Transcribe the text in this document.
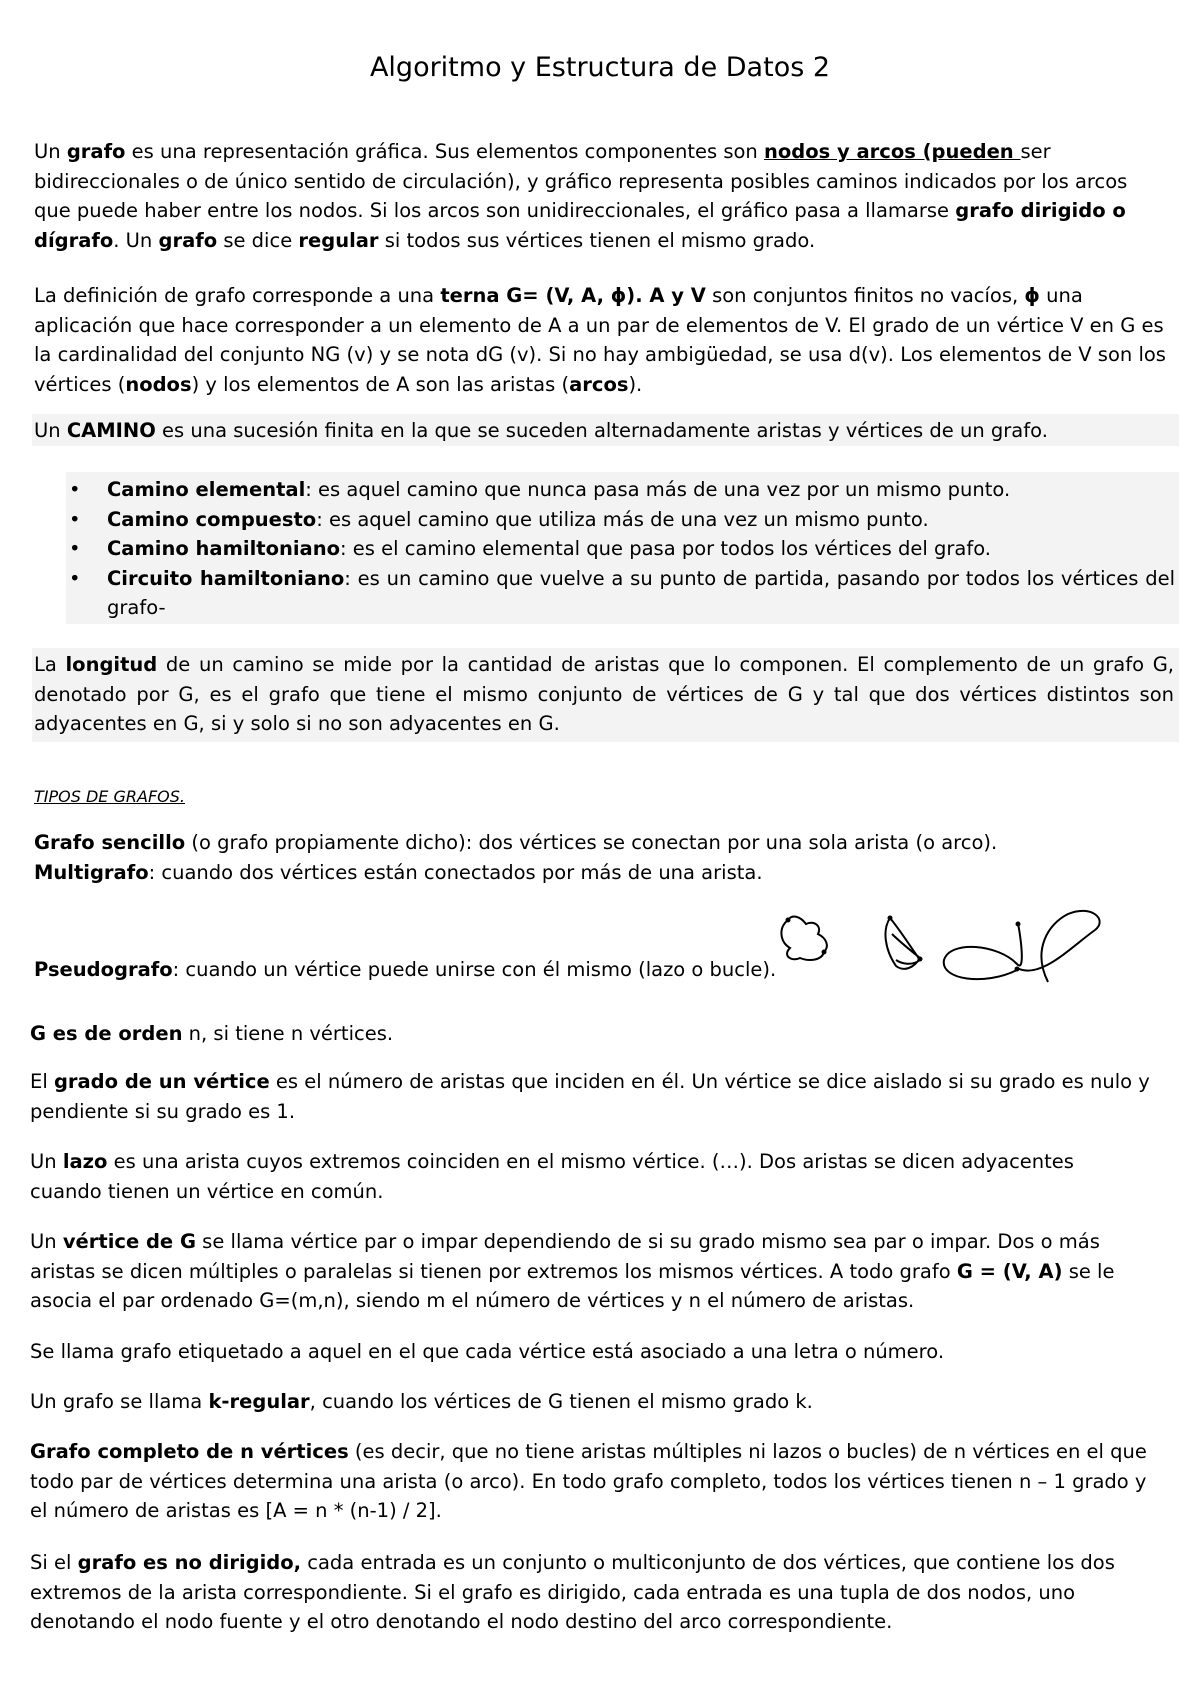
Algoritmo y Estructura de Datos 2
Un grafo es una representación gráfica. Sus elementos componentes son nodos y arcos (pueden ser bidireccionales o de único sentido de circulación), y gráfico representa posibles caminos indicados por los arcos que puede haber entre los nodos. Si los arcos son unidireccionales, el gráfico pasa a llamarse grafo dirigido o dígrafo. Un grafo se dice regular si todos sus vértices tienen el mismo grado.
La definición de grafo corresponde a una terna G= (V, A, ϕ). A y V son conjuntos finitos no vacíos, ϕ una aplicación que hace corresponder a un elemento de A a un par de elementos de V. El grado de un vértice V en G es la cardinalidad del conjunto NG (v) y se nota dG (v). Si no hay ambigüedad, se usa d(v). Los elementos de V son los vértices (nodos) y los elementos de A son las aristas (arcos).
Un CAMINO es una sucesión finita en la que se suceden alternadamente aristas y vértices de un grafo.
• Camino elemental: es aquel camino que nunca pasa más de una vez por un mismo punto.
• Camino compuesto: es aquel camino que utiliza más de una vez un mismo punto.
• Camino hamiltoniano: es el camino elemental que pasa por todos los vértices del grafo.
• Circuito hamiltoniano: es un camino que vuelve a su punto de partida, pasando por todos los vértices del grafo-
La longitud de un camino se mide por la cantidad de aristas que lo componen. El complemento de un grafo G, denotado por G, es el grafo que tiene el mismo conjunto de vértices de G y tal que dos vértices distintos son adyacentes en G, si y solo si no son adyacentes en G.
TIPOS DE GRAFOS.
Grafo sencillo (o grafo propiamente dicho): dos vértices se conectan por una sola arista (o arco).
Multigrafo: cuando dos vértices están conectados por más de una arista.
Pseudografo: cuando un vértice puede unirse con él mismo (lazo o bucle).
G es de orden n, si tiene n vértices.
El grado de un vértice es el número de aristas que inciden en él. Un vértice se dice aislado si su grado es nulo y pendiente si su grado es 1.
Un lazo es una arista cuyos extremos coinciden en el mismo vértice. (…). Dos aristas se dicen adyacentes cuando tienen un vértice en común.
Un vértice de G se llama vértice par o impar dependiendo de si su grado mismo sea par o impar. Dos o más aristas se dicen múltiples o paralelas si tienen por extremos los mismos vértices. A todo grafo G = (V, A) se le asocia el par ordenado G=(m,n), siendo m el número de vértices y n el número de aristas.
Se llama grafo etiquetado a aquel en el que cada vértice está asociado a una letra o número.
Un grafo se llama k-regular, cuando los vértices de G tienen el mismo grado k.
Grafo completo de n vértices (es decir, que no tiene aristas múltiples ni lazos o bucles) de n vértices en el que todo par de vértices determina una arista (o arco). En todo grafo completo, todos los vértices tienen n – 1 grado y el número de aristas es [A = n * (n-1) / 2].
Si el grafo es no dirigido, cada entrada es un conjunto o multiconjunto de dos vértices, que contiene los dos extremos de la arista correspondiente. Si el grafo es dirigido, cada entrada es una tupla de dos nodos, uno denotando el nodo fuente y el otro denotando el nodo destino del arco correspondiente.
